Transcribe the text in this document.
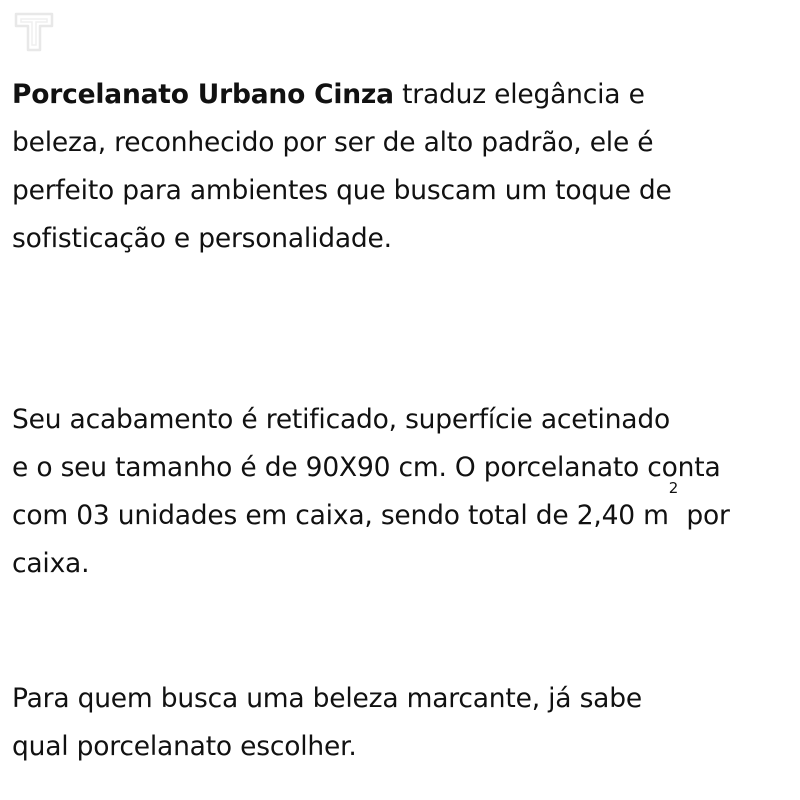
Porcelanato Urbano Cinza traduz elegância e
beleza, reconhecido por ser de alto padrão, ele é
perfeito para ambientes que buscam um toque de
sofisticação e personalidade.

Seu acabamento é retificado, superfície acetinado
e o seu tamanho é de 90X90 cm. O porcelanato conta
com 03 unidades em caixa, sendo total de 2,40 $m^2$ por
caixa.

Para quem busca uma beleza marcante, já sabe
qual porcelanato escolher.
